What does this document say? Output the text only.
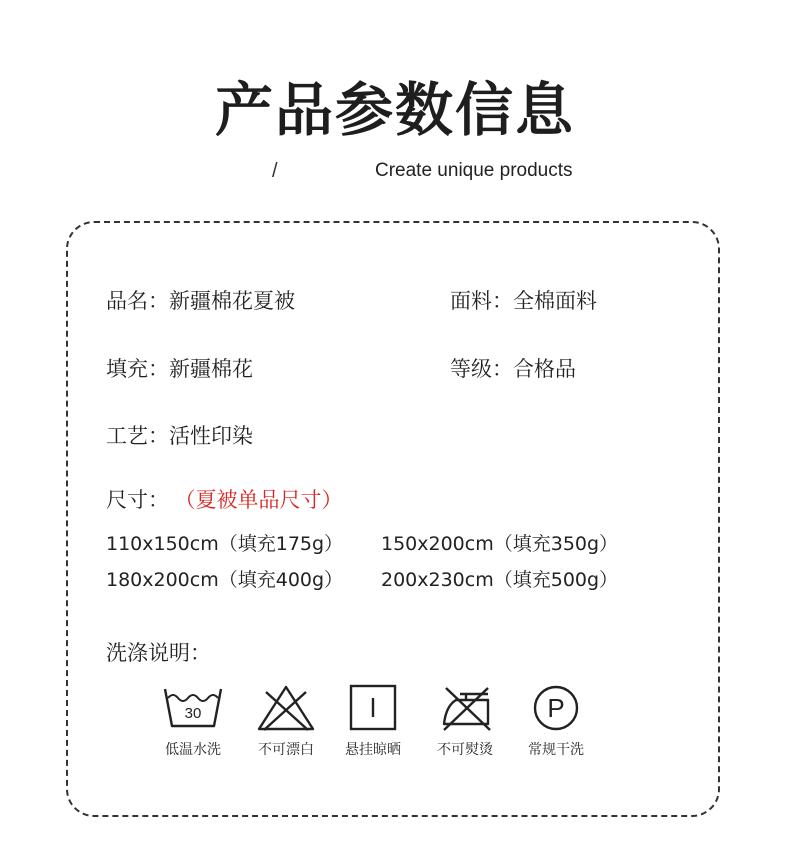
产品参数信息
/	Create unique products
品名：新疆棉花夏被	面料：全棉面料
填充：新疆棉花	等级：合格品
工艺：活性印染
尺寸： （夏被单品尺寸）
110x150cm（填充175g） 150x200cm（填充350g）
180x200cm（填充400g） 200x230cm（填充500g）
洗涤说明：
30
低温水洗	不可漂白	悬挂晾晒	不可熨烫
P
常规干洗
